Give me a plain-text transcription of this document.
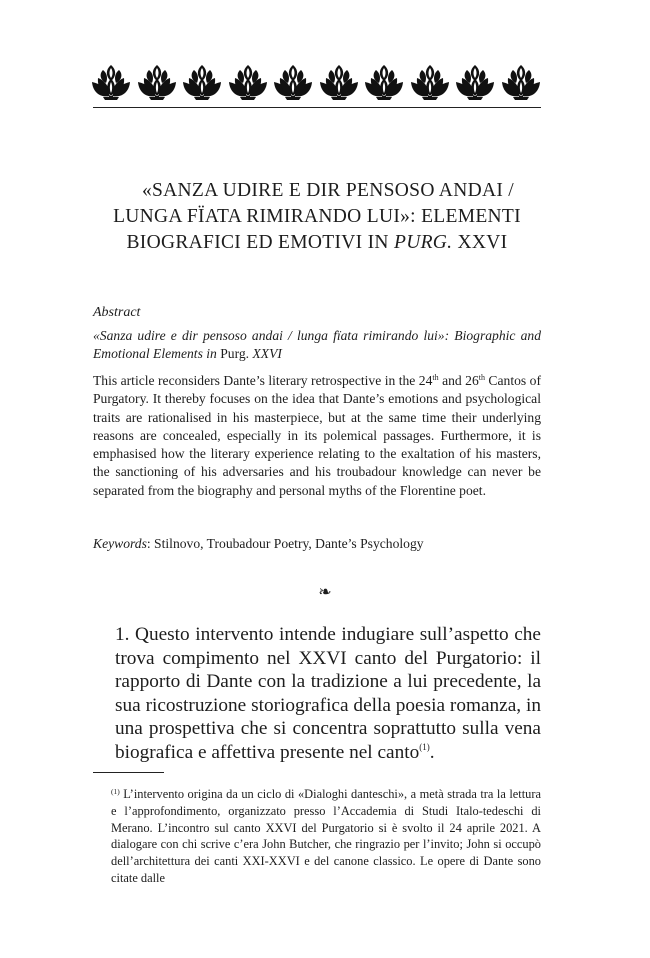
«SANZA UDIRE E DIR PENSOSO ANDAI /
LUNGA FÏATA RIMIRANDO LUI»: ELEMENTI
BIOGRAFICI ED EMOTIVI IN PURG. XXVI
Abstract
«Sanza udire e dir pensoso andai / lunga fïata rimirando lui»: Biographic and Emotional Elements in Purg. XXVI
This article reconsiders Dante’s literary retrospective in the 24th and 26th Cantos of Purgatory. It thereby focuses on the idea that Dante’s emotions and psychological traits are rationalised in his masterpiece, but at the same time their underlying reasons are concealed, especially in its polemical passages. Furthermore, it is emphasised how the literary experience relating to the exaltation of his masters, the sanctioning of his adversaries and his troubadour knowledge can never be separated from the biography and personal myths of the Florentine poet.
Keywords: Stilnovo, Troubadour Poetry, Dante’s Psychology
❧
1. Questo intervento intende indugiare sull’aspetto che trova compimento nel XXVI canto del Purgatorio: il rapporto di Dante con la tradizione a lui precedente, la sua ricostruzione storiografica della poesia romanza, in una prospettiva che si concentra soprattutto sulla vena biografica e affettiva presente nel canto$^{(1)}$.
$^{(1)}$ L’intervento origina da un ciclo di «Dialoghi danteschi», a metà strada tra la lettura e l’approfondimento, organizzato presso l’Accademia di Studi Italo-tedeschi di Merano. L’incontro sul canto XXVI del Purgatorio si è svolto il 24 aprile 2021. A dialogare con chi scrive c’era John Butcher, che ringrazio per l’invito; John si occupò dell’architettura dei canti XXI-XXVI e del canone classico. Le opere di Dante sono citate dalle
